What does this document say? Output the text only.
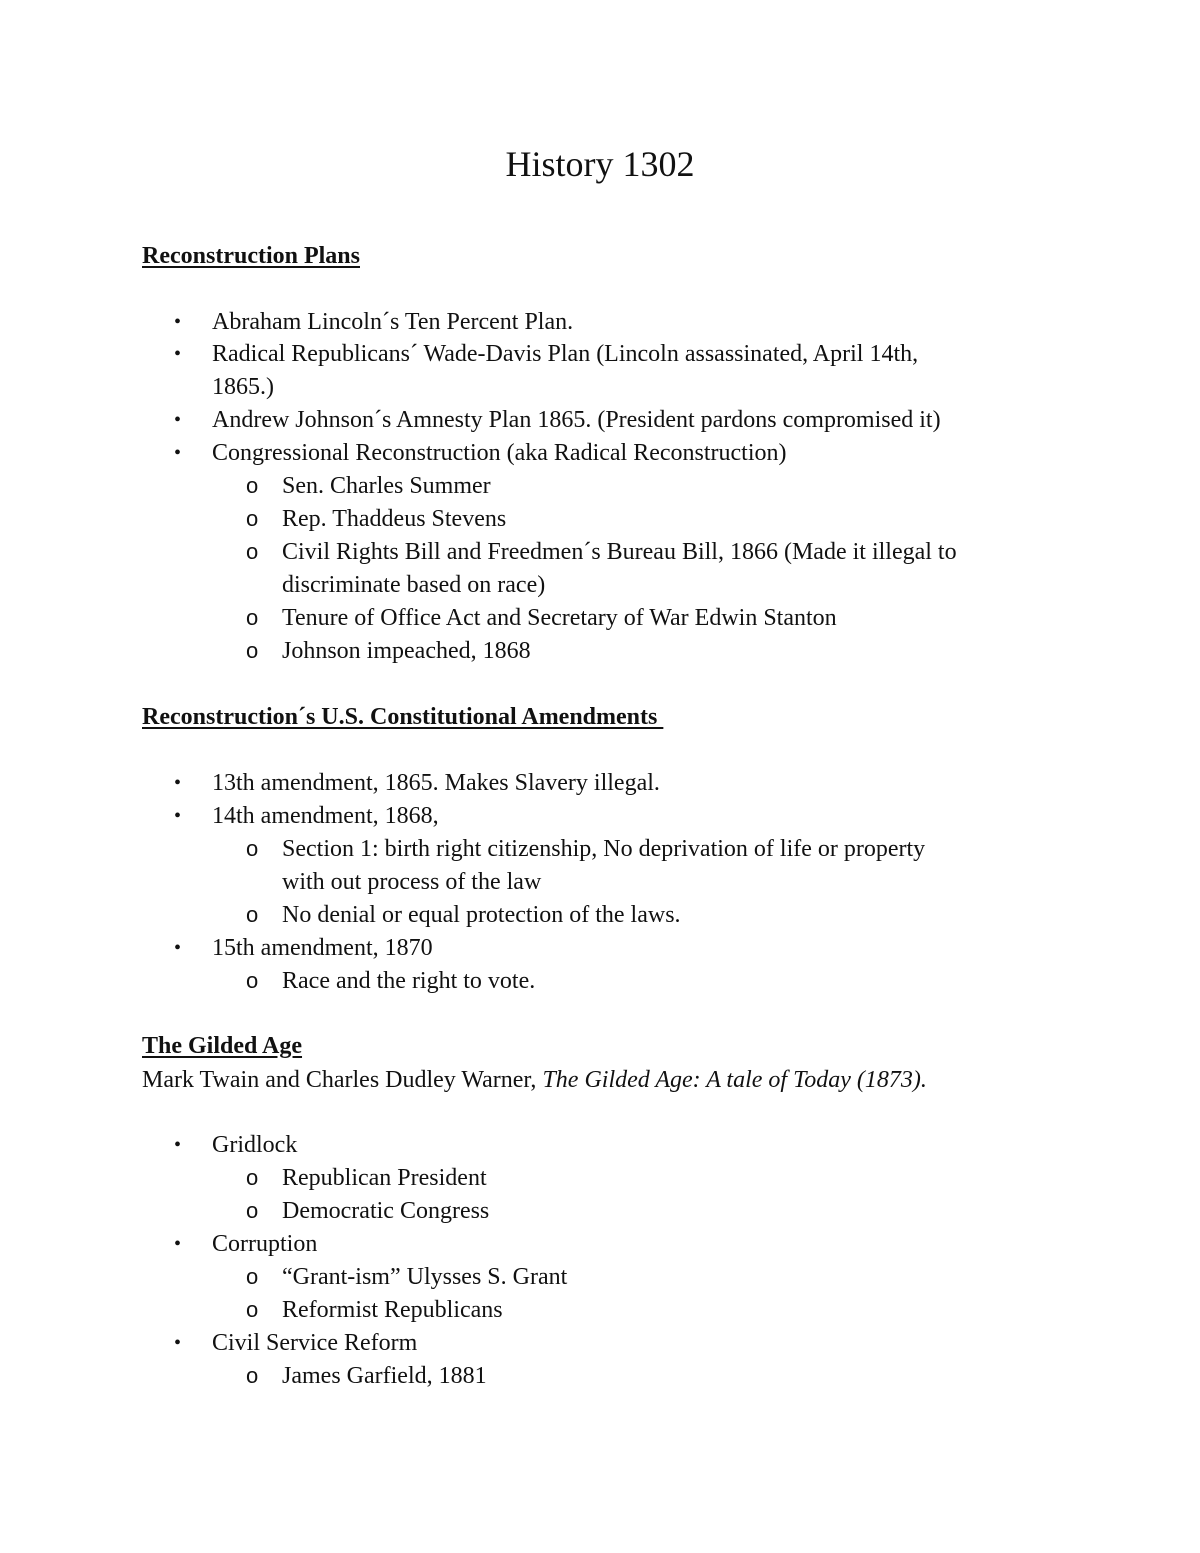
History 1302
Reconstruction Plans
• Abraham Lincoln´s Ten Percent Plan.
• Radical Republicans´ Wade-Davis Plan (Lincoln assassinated, April 14th,
1865.)
• Andrew Johnson´s Amnesty Plan 1865. (President pardons compromised it)
• Congressional Reconstruction (aka Radical Reconstruction)
o Sen. Charles Summer
o Rep. Thaddeus Stevens
o Civil Rights Bill and Freedmen´s Bureau Bill, 1866 (Made it illegal to
discriminate based on race)
o Tenure of Office Act and Secretary of War Edwin Stanton
o Johnson impeached, 1868
Reconstruction´s U.S. Constitutional Amendments
• 13th amendment, 1865. Makes Slavery illegal.
• 14th amendment, 1868,
o Section 1: birth right citizenship, No deprivation of life or property
with out process of the law
o No denial or equal protection of the laws.
• 15th amendment, 1870
o Race and the right to vote.
The Gilded Age
Mark Twain and Charles Dudley Warner, The Gilded Age: A tale of Today (1873).
• Gridlock
o Republican President
o Democratic Congress
• Corruption
o “Grant-ism” Ulysses S. Grant
o Reformist Republicans
• Civil Service Reform
o James Garfield, 1881
